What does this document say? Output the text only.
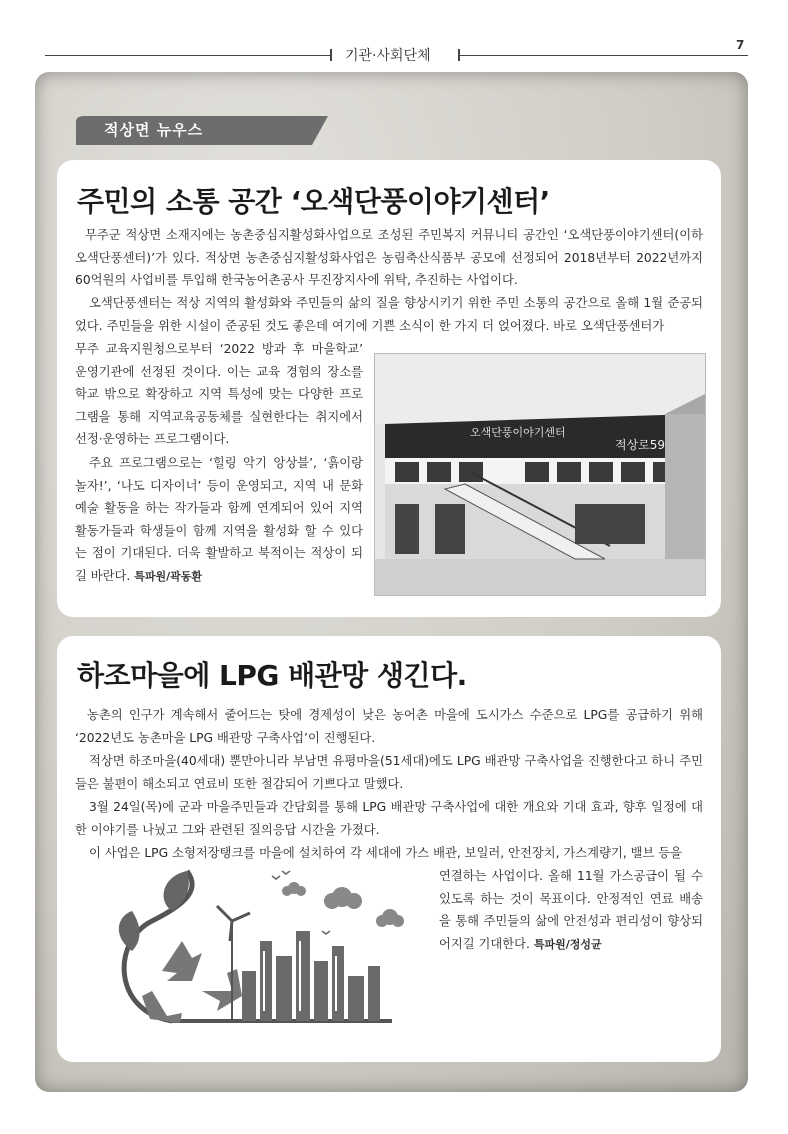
기관·사회단체
7
적상면 뉴우스
주민의 소통 공간 ‘오색단풍이야기센터’
무주군 적상면 소재지에는 농촌중심지활성화사업으로 조성된 주민복지 커뮤니티 공간인 ‘오색단풍이야기센터(이하 오색단풍센터)’가 있다. 적상면 농촌중심지활성화사업은 농림축산식품부 공모에 선정되어 2018년부터 2022년까지 60억원의 사업비를 투입해 한국농어촌공사 무진장지사에 위탁, 추진하는 사업이다.
오색단풍센터는 적상 지역의 활성화와 주민들의 삶의 질을 향상시키기 위한 주민 소통의 공간으로 올해 1월 준공되었다. 주민들을 위한 시설이 준공된 것도 좋은데 여기에 기쁜 소식이 한 가지 더 얹어졌다. 바로 오색단풍센터가
무주 교육지원청으로부터 ‘2022 방과 후 마을학교’ 운영기관에 선정된 것이다. 이는 교육 경험의 장소를 학교 밖으로 확장하고 지역 특성에 맞는 다양한 프로그램을 통해 지역교육공동체를 실현한다는 취지에서 선정·운영하는 프로그램이다.
주요 프로그램으로는 ‘힐링 악기 앙상블’, ‘흙이랑 놀자!’, ‘나도 디자이너’ 등이 운영되고, 지역 내 문화예술 활동을 하는 작가들과 함께 연계되어 있어 지역 활동가들과 학생들이 함께 지역을 활성화 할 수 있다는 점이 기대된다. 더욱 활발하고 북적이는 적상이 되길 바란다. 특파원/곽동환
오색단풍이야기센터
적상로59
하조마을에 LPG 배관망 생긴다.
농촌의 인구가 계속해서 줄어드는 탓에 경제성이 낮은 농어촌 마을에 도시가스 수준으로 LPG를 공급하기 위해 ‘2022년도 농촌마을 LPG 배관망 구축사업’이 진행된다.
적상면 하조마을(40세대) 뿐만아니라 부남면 유평마을(51세대)에도 LPG 배관망 구축사업을 진행한다고 하니 주민들은 불편이 해소되고 연료비 또한 절감되어 기쁘다고 말했다.
3월 24일(목)에 군과 마을주민들과 간담회를 통해 LPG 배관망 구축사업에 대한 개요와 기대 효과, 향후 일정에 대한 이야기를 나눴고 그와 관련된 질의응답 시간을 가졌다.
이 사업은 LPG 소형저장탱크를 마을에 설치하여 각 세대에 가스 배관, 보일러, 안전장치, 가스계량기, 밸브 등을
연결하는 사업이다. 올해 11월 가스공급이 될 수 있도록 하는 것이 목표이다. 안정적인 연료 배송을 통해 주민들의 삶에 안전성과 편리성이 향상되어지길 기대한다. 특파원/정성균
